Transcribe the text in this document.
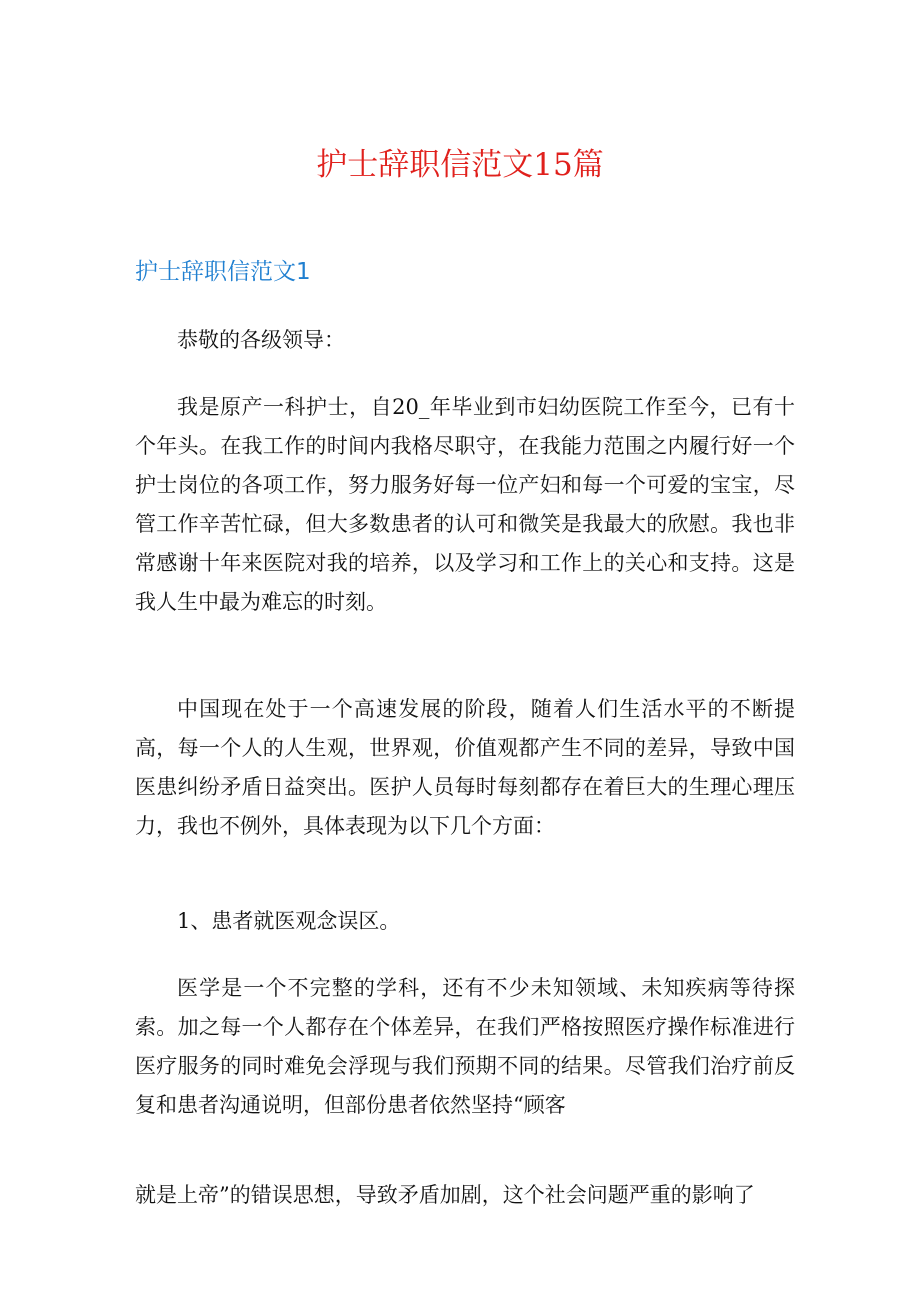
护士辞职信范文15篇
护士辞职信范文1

恭敬的各级领导：

我是原产一科护士，自20_年毕业到市妇幼医院工作至今，已有十个年头。在我工作的时间内我格尽职守，在我能力范围之内履行好一个护士岗位的各项工作，努力服务好每一位产妇和每一个可爱的宝宝，尽管工作辛苦忙碌，但大多数患者的认可和微笑是我最大的欣慰。我也非常感谢十年来医院对我的培养，以及学习和工作上的关心和支持。这是我人生中最为难忘的时刻。

中国现在处于一个高速发展的阶段，随着人们生活水平的不断提高，每一个人的人生观，世界观，价值观都产生不同的差异，导致中国医患纠纷矛盾日益突出。医护人员每时每刻都存在着巨大的生理心理压力，我也不例外，具体表现为以下几个方面：

1、患者就医观念误区。

医学是一个不完整的学科，还有不少未知领域、未知疾病等待探索。加之每一个人都存在个体差异，在我们严格按照医疗操作标准进行医疗服务的同时难免会浮现与我们预期不同的结果。尽管我们治疗前反复和患者沟通说明，但部份患者依然坚持“顾客

就是上帝”的错误思想，导致矛盾加剧，这个社会问题严重的影响了
